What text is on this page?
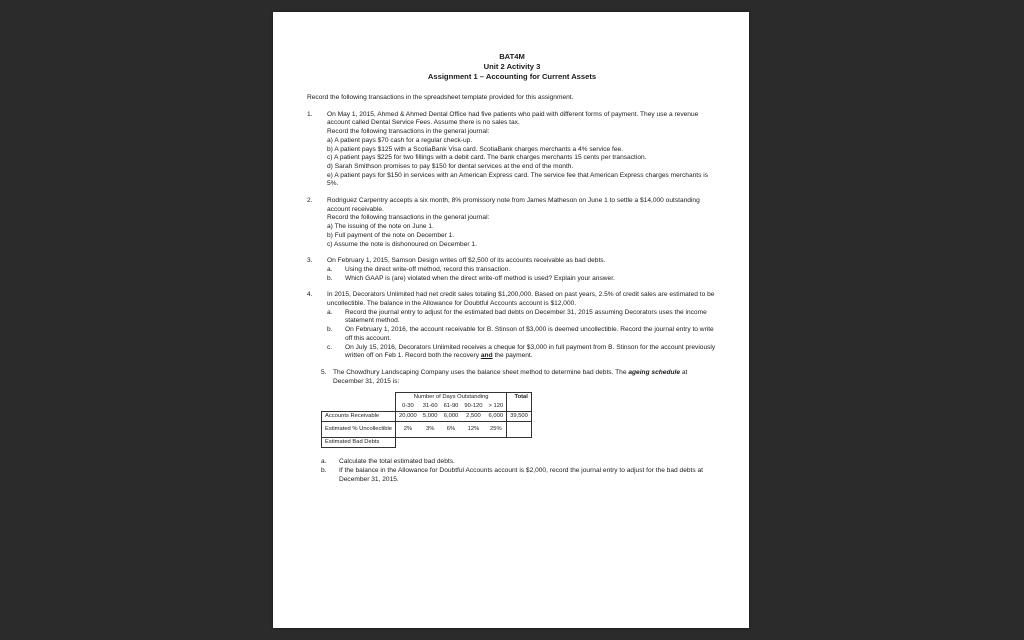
BAT4M

Unit 2 Activity 3

Assignment 1 – Accounting for Current Assets

Record the following transactions in the spreadsheet template provided for this assignment.

1.	On May 1, 2015, Ahmed & Ahmed Dental Office had five patients who paid with different forms of payment. They use a revenue account called Dental Service Fees. Assume there is no sales tax.

Record the following transactions in the general journal:

a) A patient pays $70 cash for a regular check-up.

b) A patient pays $125 with a ScotiaBank Visa card. ScotiaBank charges merchants a 4% service fee.

c) A patient pays $225 for two fillings with a debit card. The bank charges merchants 15 cents per transaction.

d) Sarah Smithson promises to pay $150 for dental services at the end of the month.

e) A patient pays for $150 in services with an American Express card. The service fee that American Express charges merchants is 5%.

2.	Rodriguez Carpentry accepts a six month, 8% promissory note from James Matheson on June 1 to settle a $14,000 outstanding account receivable.

Record the following transactions in the general journal:

a) The issuing of the note on June 1.

b) Full payment of the note on December 1.

c) Assume the note is dishonoured on December 1.

3.	On February 1, 2015, Samson Design writes off $2,500 of its accounts receivable as bad debts.

a.	Using the direct write-off method, record this transaction.
b.	Which GAAP is (are) violated when the direct write-off method is used? Explain your answer.
4.	In 2015, Decorators Unlimited had net credit sales totaling $1,200,000. Based on past years, 2.5% of credit sales are estimated to be uncollectible. The balance in the Allowance for Doubtful Accounts account is $12,000.

a.	Record the journal entry to adjust for the estimated bad debts on December 31, 2015 assuming Decorators uses the income statement method.
b.	On February 1, 2016, the account receivable for B. Stinson of $3,000 is deemed uncollectible. Record the journal entry to write off this account.
c.	On July 15, 2016, Decorators Unlimited receives a cheque for $3,000 in full payment from B. Stinson for the account previously written off on Feb 1. Record both the recovery and the payment.
5. The Chowdhury Landscaping Company uses the balance sheet method to determine bad debts. The ageing schedule at December 31, 2015 is:

	Number of Days Outstanding					Total
	0-30	31-60	61-90	90-120	> 120	
Accounts Receivable	20,000	5,000	6,000	2,500	6,000	39,500
Estimated % Uncollectible	2%	3%	6%	12%	25%	
Estimated Bad Debts						
a.	Calculate the total estimated bad debts.
b.	If the balance in the Allowance for Doubtful Accounts account is $2,000, record the journal entry to adjust for the bad debts at December 31, 2015.
